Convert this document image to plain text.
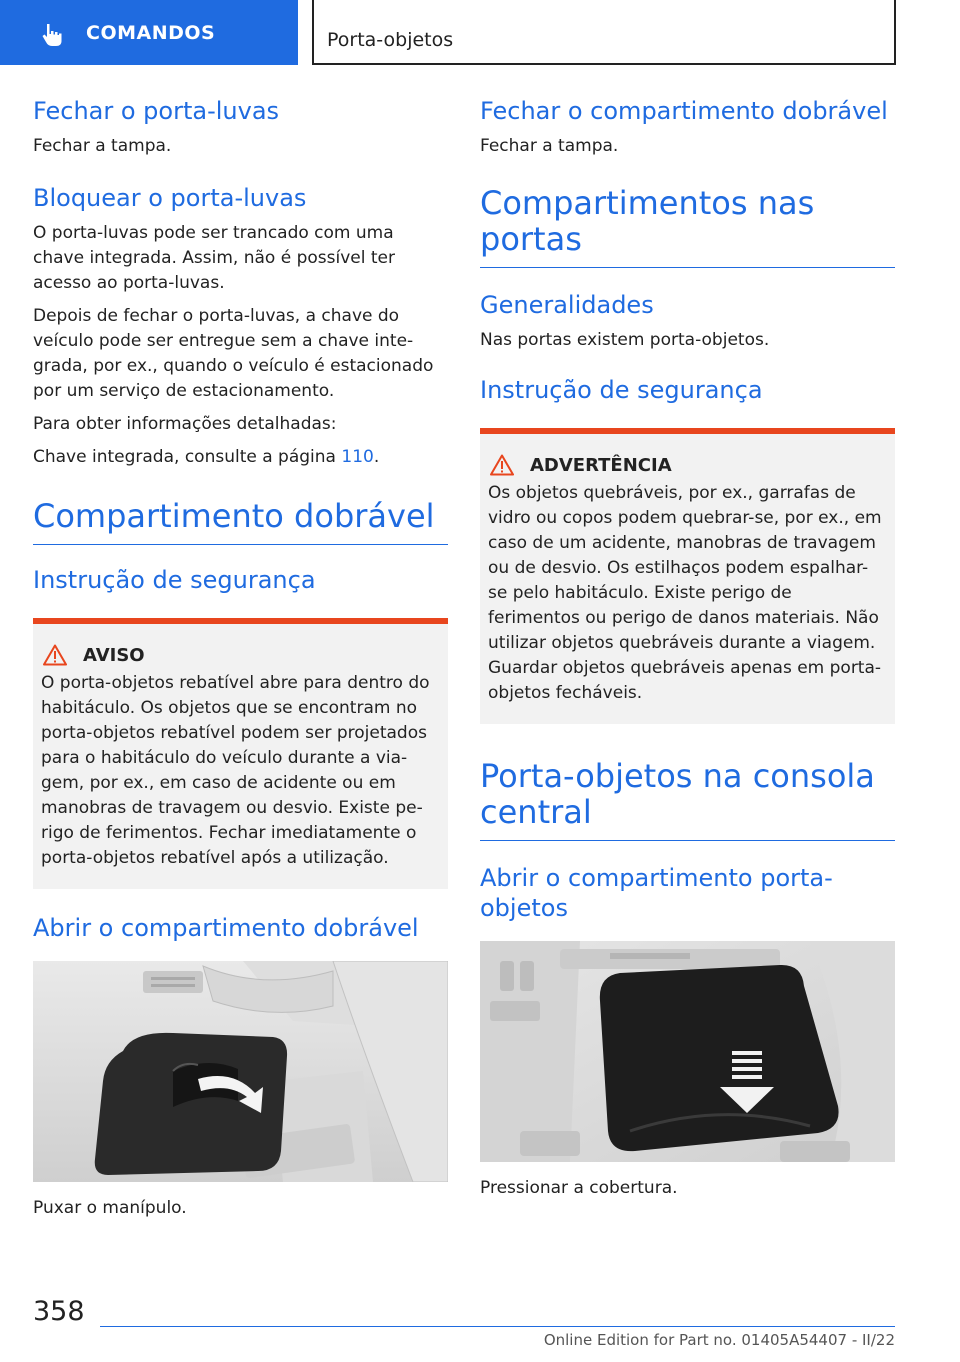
COMANDOS	Porta-objetos
Fechar o porta-luvas

Fechar a tampa.

Bloquear o porta-luvas

O porta-luvas pode ser trancado com uma chave integrada. Assim, não é possível ter acesso ao porta-luvas.

Depois de fechar o porta-luvas, a chave do veículo pode ser entregue sem a chave integrada, por ex., quando o veículo é estacionado por um serviço de estacionamento.

Para obter informações detalhadas:

Chave integrada, consulte a página 110.

Compartimento dobrável
Instrução de segurança
AVISO

O porta-objetos rebatível abre para dentro do habitáculo. Os objetos que se encontram no porta-objetos rebatível podem ser projetados para o habitáculo do veículo durante a viagem, por ex., em caso de acidente ou em manobras de travagem ou desvio. Existe perigo de ferimentos. Fechar imediatamente o porta-objetos rebatível após a utilização.

Abrir o compartimento dobrável

Puxar o manípulo.

Fechar o compartimento dobrável

Fechar a tampa.

Compartimentos nas portas
Generalidades

Nas portas existem porta-objetos.

Instrução de segurança
ADVERTÊNCIA

Os objetos quebráveis, por ex., garrafas de vidro ou copos podem quebrar-se, por ex., em caso de um acidente, manobras de travagem ou de desvio. Os estilhaços podem espalhar-se pelo habitáculo. Existe perigo de ferimentos ou perigo de danos materiais. Não utilizar objetos quebráveis durante a viagem. Guardar objetos quebráveis apenas em porta-objetos fecháveis.

Porta-objetos na consola central
Abrir o compartimento porta-objetos

Pressionar a cobertura.

358
Online Edition for Part no. 01405A54407 - II/22
